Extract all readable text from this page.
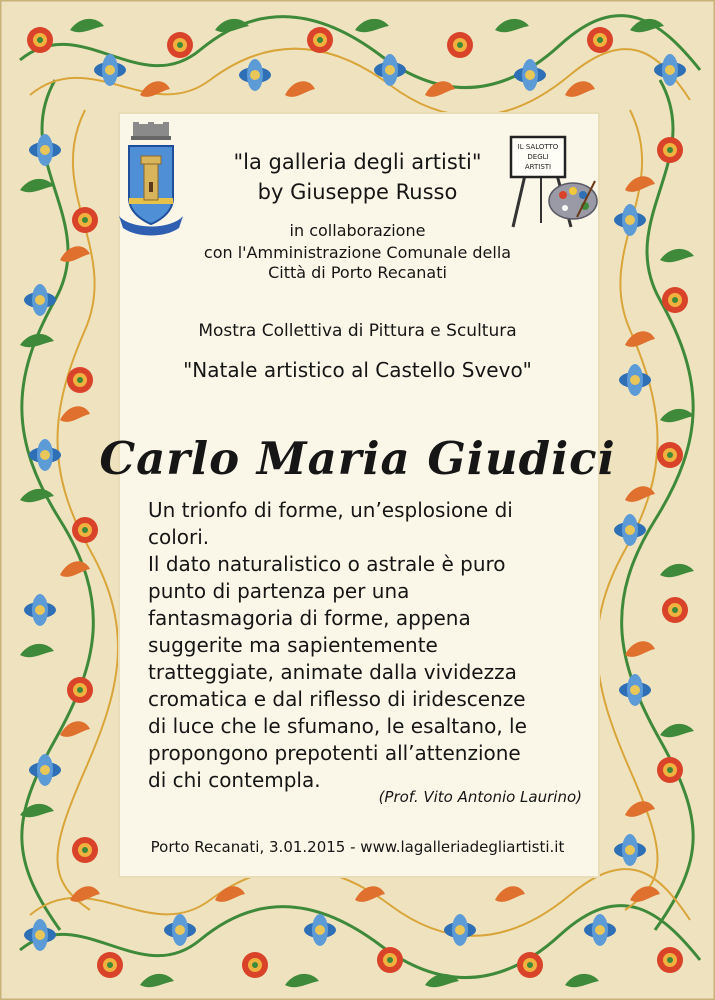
IL SALOTTO
DEGLI
ARTISTI
"la galleria degli artisti"
by Giuseppe Russo
in collaborazione
con l'Amministrazione Comunale della
Città di Porto Recanati
Mostra Collettiva di Pittura e Scultura
"Natale artistico al Castello Svevo"
Carlo Maria Giudici
Un trionfo di forme, un’esplosione di
colori.
Il dato naturalistico o astrale è puro
punto di partenza per una
fantasmagoria di forme, appena
suggerite ma sapientemente
tratteggiate, animate dalla vividezza
cromatica e dal riflesso di iridescenze
di luce che le sfumano, le esaltano, le
propongono prepotenti all’attenzione
di chi contempla.
(Prof. Vito Antonio Laurino)
Porto Recanati, 3.01.2015 - www.lagalleriadegliartisti.it
